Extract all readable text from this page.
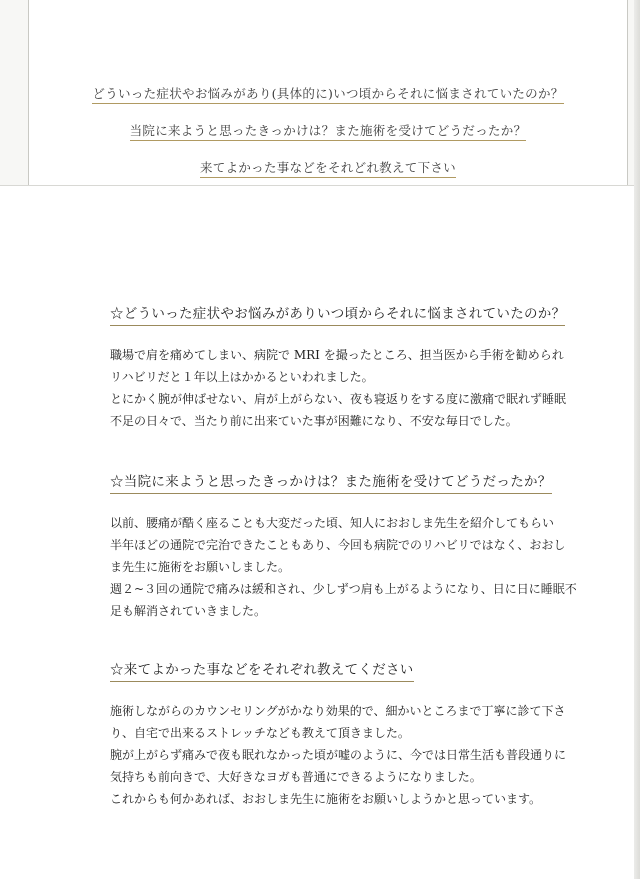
どういった症状やお悩みがあり(具体的に)いつ頃からそれに悩まされていたのか？
当院に来ようと思ったきっかけは？また施術を受けてどうだったか？
来てよかった事などをそれどれ教えて下さい
☆どういった症状やお悩みがありいつ頃からそれに悩まされていたのか？
職場で肩を痛めてしまい、病院で MRI を撮ったところ、担当医から手術を勧められ
リハビリだと１年以上はかかるといわれました。
とにかく腕が伸ばせない、肩が上がらない、夜も寝返りをする度に激痛で眠れず睡眠
不足の日々で、当たり前に出来ていた事が困難になり、不安な毎日でした。
☆当院に来ようと思ったきっかけは？また施術を受けてどうだったか？
以前、腰痛が酷く座ることも大変だった頃、知人におおしま先生を紹介してもらい
半年ほどの通院で完治できたこともあり、今回も病院でのリハビリではなく、おおし
ま先生に施術をお願いしました。
週２~３回の通院で痛みは緩和され、少しずつ肩も上がるようになり、日に日に睡眠不
足も解消されていきました。
☆来てよかった事などをそれぞれ教えてください
施術しながらのカウンセリングがかなり効果的で、細かいところまで丁寧に診て下さ
り、自宅で出来るストレッチなども教えて頂きました。
腕が上がらず痛みで夜も眠れなかった頃が嘘のように、今では日常生活も普段通りに
気持ちも前向きで、大好きなヨガも普通にできるようになりました。
これからも何かあれば、おおしま先生に施術をお願いしようかと思っています。
